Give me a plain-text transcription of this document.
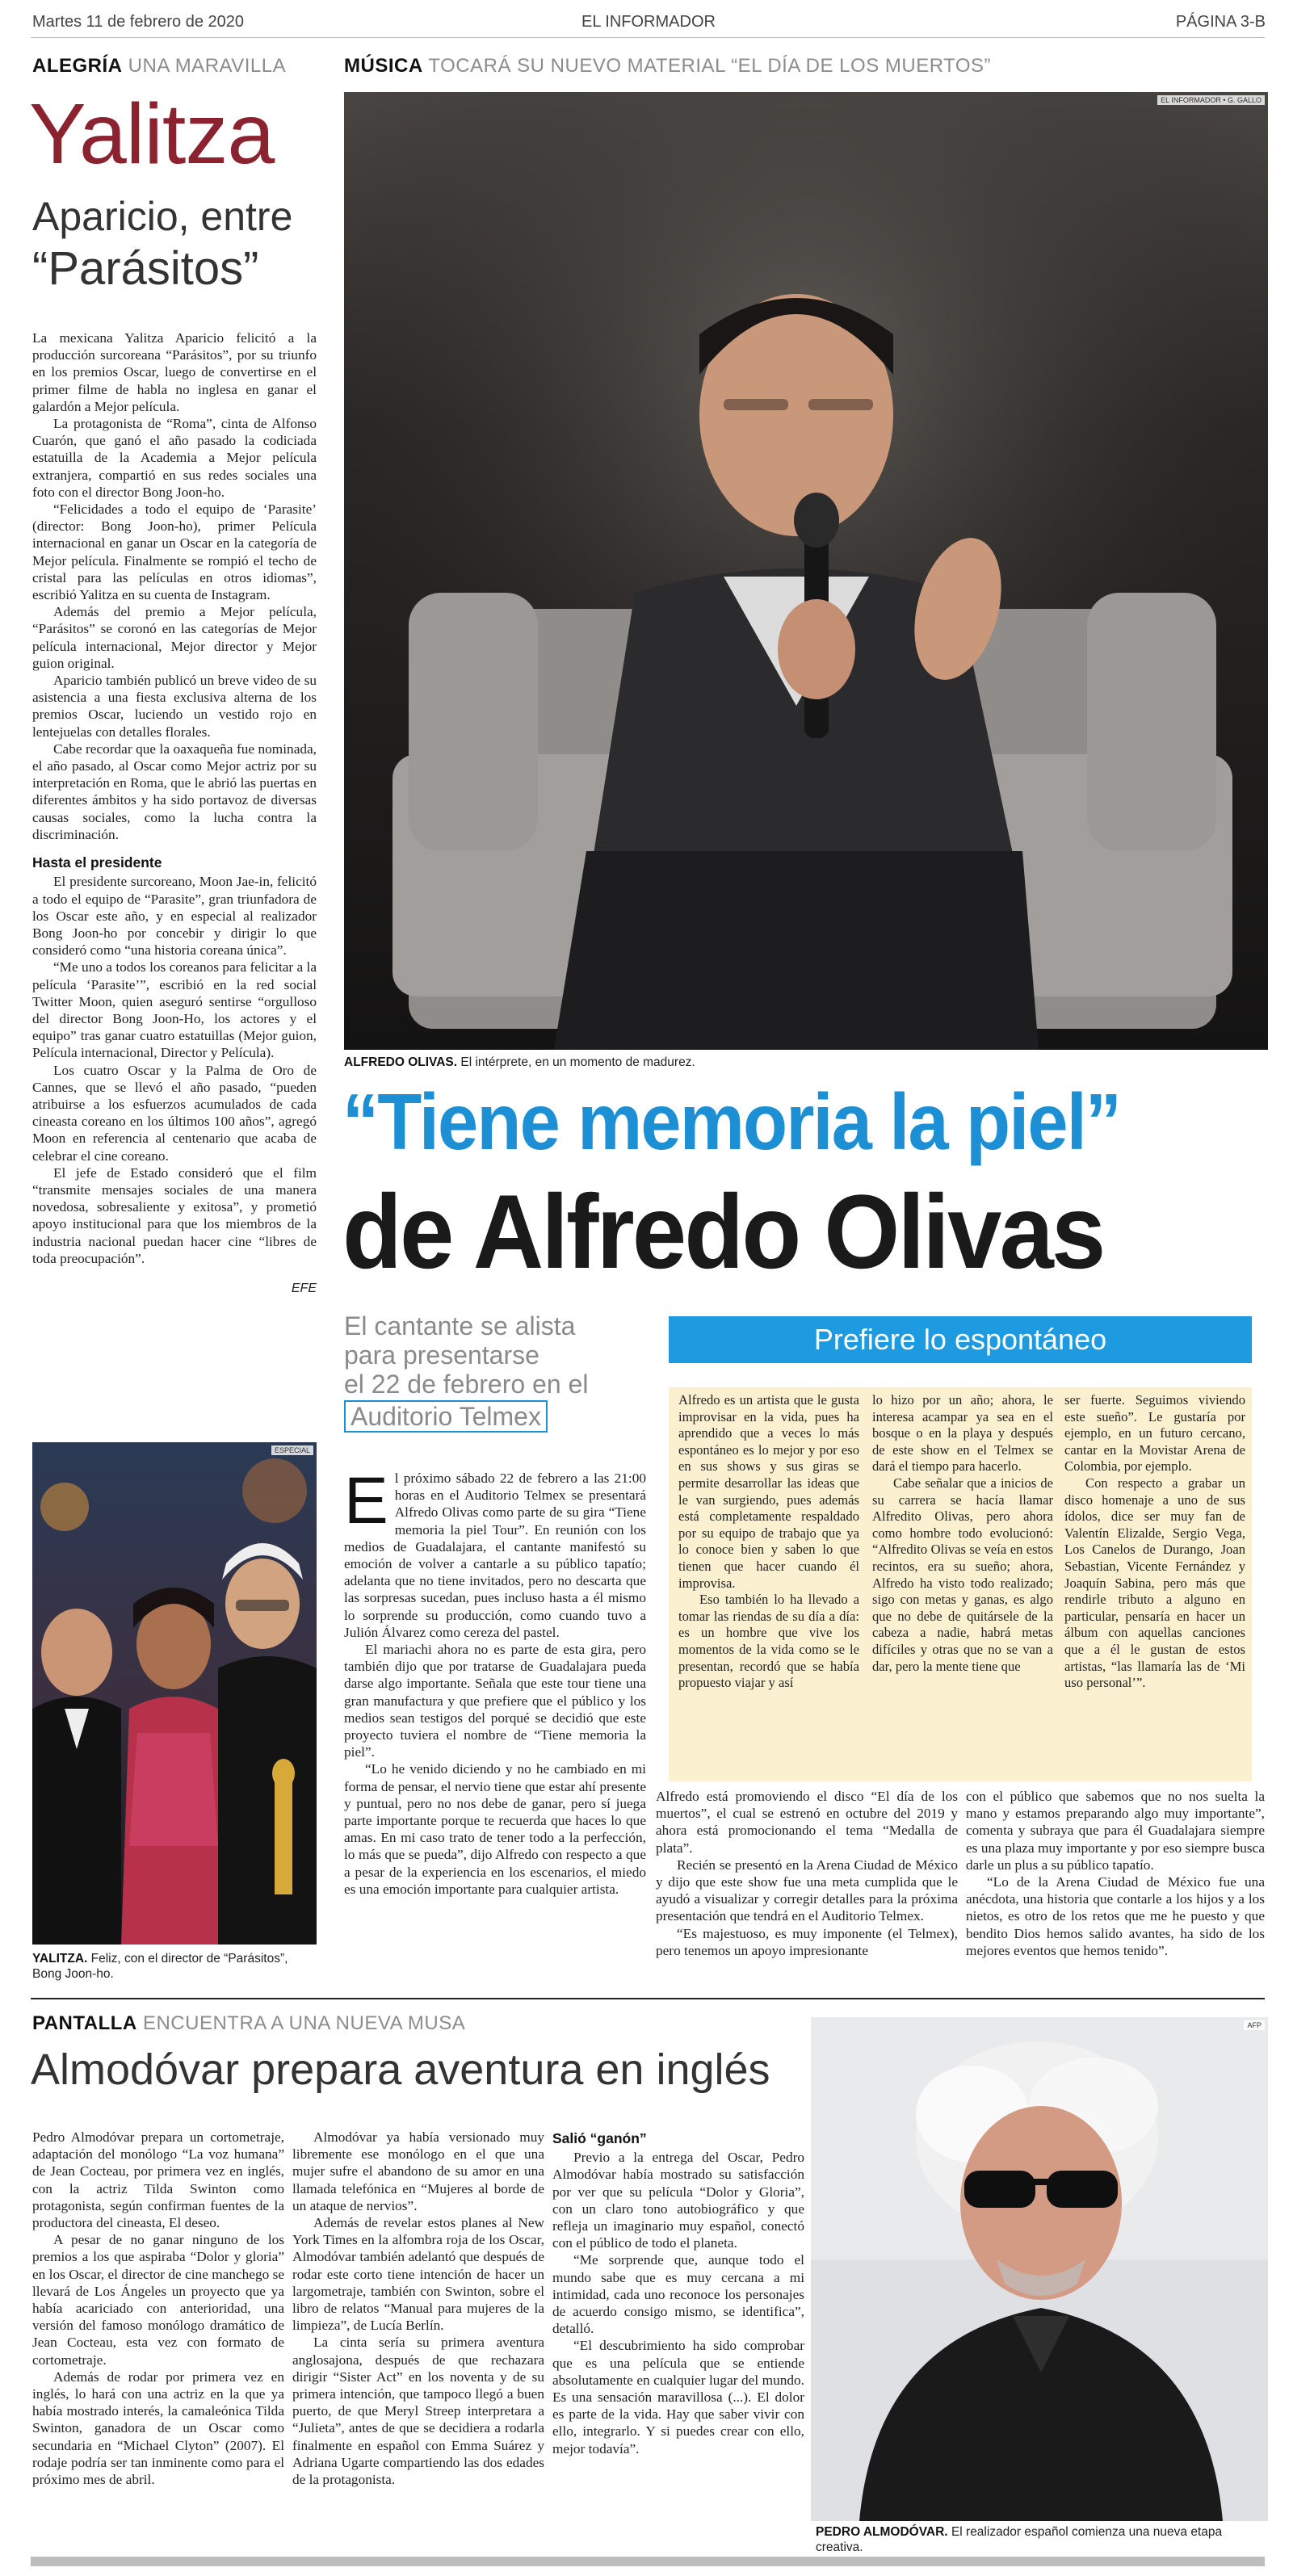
Martes 11 de febrero de 2020	EL INFORMADOR	PÁGINA 3-B
ALEGRÍA UNA MARAVILLA
Yalitza
Aparicio, entre
“Parásitos”

La mexicana Yalitza Aparicio felicitó a la producción surcoreana “Parásitos”, por su triunfo en los premios Oscar, luego de convertirse en el primer filme de habla no inglesa en ganar el galardón a Mejor película.

La protagonista de “Roma”, cinta de Alfonso Cuarón, que ganó el año pasado la codiciada estatuilla de la Academia a Mejor película extranjera, compartió en sus redes sociales una foto con el director Bong Joon-ho.

“Felicidades a todo el equipo de ‘Parasite’ (director: Bong Joon-ho), primer Película internacional en ganar un Oscar en la categoría de Mejor película. Finalmente se rompió el techo de cristal para las películas en otros idiomas”, escribió Yalitza en su cuenta de Instagram.

Además del premio a Mejor película, “Parásitos” se coronó en las categorías de Mejor película internacional, Mejor director y Mejor guion original.

Aparicio también publicó un breve video de su asistencia a una fiesta exclusiva alterna de los premios Oscar, luciendo un vestido rojo en lentejuelas con detalles florales.

Cabe recordar que la oaxaqueña fue nominada, el año pasado, al Oscar como Mejor actriz por su interpretación en Roma, que le abrió las puertas en diferentes ámbitos y ha sido portavoz de diversas causas sociales, como la lucha contra la discriminación.

Hasta el presidente

El presidente surcoreano, Moon Jae-in, felicitó a todo el equipo de “Parasite”, gran triunfadora de los Oscar este año, y en especial al realizador Bong Joon-ho por concebir y dirigir lo que consideró como “una historia coreana única”.

“Me uno a todos los coreanos para felicitar a la película ‘Parasite’”, escribió en la red social Twitter Moon, quien aseguró sentirse “orgulloso del director Bong Joon-Ho, los actores y el equipo” tras ganar cuatro estatuillas (Mejor guion, Película internacional, Director y Película).

Los cuatro Oscar y la Palma de Oro de Cannes, que se llevó el año pasado, “pueden atribuirse a los esfuerzos acumulados de cada cineasta coreano en los últimos 100 años”, agregó Moon en referencia al centenario que acaba de celebrar el cine coreano.

El jefe de Estado consideró que el film “transmite mensajes sociales de una manera novedosa, sobresaliente y exitosa”, y prometió apoyo institucional para que los miembros de la industria nacional puedan hacer cine “libres de toda preocupación”.

EFE
ESPECIAL
YALITZA. Feliz, con el director de “Parásitos”, Bong Joon-ho.
MÚSICA TOCARÁ SU NUEVO MATERIAL “EL DÍA DE LOS MUERTOS”
EL INFORMADOR • G. GALLO
ALFREDO OLIVAS. El intérprete, en un momento de madurez.
“Tiene memoria la piel”
de Alfredo Olivas
El cantante se alista
para presentarse
el 22 de febrero en el
Auditorio Telmex

El próximo sábado 22 de febrero a las 21:00 horas en el Auditorio Telmex se presentará Alfredo Olivas como parte de su gira “Tiene memoria la piel Tour”. En reunión con los medios de Guadalajara, el cantante manifestó su emoción de volver a cantarle a su público tapatío; adelanta que no tiene invitados, pero no descarta que las sorpresas sucedan, pues incluso hasta a él mismo lo sorprende su producción, como cuando tuvo a Julión Álvarez como cereza del pastel.

El mariachi ahora no es parte de esta gira, pero también dijo que por tratarse de Guadalajara pueda darse algo importante. Señala que este tour tiene una gran manufactura y que prefiere que el público y los medios sean testigos del porqué se decidió que este proyecto tuviera el nombre de “Tiene memoria la piel”.

“Lo he venido diciendo y no he cambiado en mi forma de pensar, el nervio tiene que estar ahí presente y puntual, pero no nos debe de ganar, pero sí juega parte importante porque te recuerda que haces lo que amas. En mi caso trato de tener todo a la perfección, lo más que se pueda”, dijo Alfredo con respecto a que a pesar de la experiencia en los escenarios, el miedo es una emoción importante para cualquier artista.

Prefiere lo espontáneo

Alfredo es un artista que le gusta improvisar en la vida, pues ha aprendido que a veces lo más espontáneo es lo mejor y por eso en sus shows y sus giras se permite desarrollar las ideas que le van surgiendo, pues además está completamente respaldado por su equipo de trabajo que ya lo conoce bien y saben lo que tienen que hacer cuando él improvisa.

Eso también lo ha llevado a tomar las riendas de su día a día: es un hombre que vive los momentos de la vida como se le presentan, recordó que se había propuesto viajar y así

lo hizo por un año; ahora, le interesa acampar ya sea en el bosque o en la playa y después de este show en el Telmex se dará el tiempo para hacerlo.

Cabe señalar que a inicios de su carrera se hacía llamar Alfredito Olivas, pero ahora como hombre todo evolucionó: “Alfredito Olivas se veía en estos recintos, era su sueño; ahora, Alfredo ha visto todo realizado; sigo con metas y ganas, es algo que no debe de quitársele de la cabeza a nadie, habrá metas difíciles y otras que no se van a dar, pero la mente tiene que

ser fuerte. Seguimos viviendo este sueño”. Le gustaría por ejemplo, en un futuro cercano, cantar en la Movistar Arena de Colombia, por ejemplo.

Con respecto a grabar un disco homenaje a uno de sus ídolos, dice ser muy fan de Valentín Elizalde, Sergio Vega, Los Canelos de Durango, Joan Sebastian, Vicente Fernández y Joaquín Sabina, pero más que rendirle tributo a alguno en particular, pensaría en hacer un álbum con aquellas canciones que a él le gustan de estos artistas, “las llamaría las de ‘Mi uso personal’”.

Alfredo está promoviendo el disco “El día de los muertos”, el cual se estrenó en octubre del 2019 y ahora está promocionando el tema “Medalla de plata”.

Recién se presentó en la Arena Ciudad de México y dijo que este show fue una meta cumplida que le ayudó a visualizar y corregir detalles para la próxima presentación que tendrá en el Auditorio Telmex.

“Es majestuoso, es muy imponente (el Telmex), pero tenemos un apoyo impresionante

con el público que sabemos que no nos suelta la mano y estamos preparando algo muy importante”, comenta y subraya que para él Guadalajara siempre es una plaza muy importante y por eso siempre busca darle un plus a su público tapatío.

“Lo de la Arena Ciudad de México fue una anécdota, una historia que contarle a los hijos y a los nietos, es otro de los retos que me he puesto y que bendito Dios hemos salido avantes, ha sido de los mejores eventos que hemos tenido”.

PANTALLA ENCUENTRA A UNA NUEVA MUSA
Almodóvar prepara aventura en inglés

Pedro Almodóvar prepara un cortometraje, adaptación del monólogo “La voz humana” de Jean Cocteau, por primera vez en inglés, con la actriz Tilda Swinton como protagonista, según confirman fuentes de la productora del cineasta, El deseo.

A pesar de no ganar ninguno de los premios a los que aspiraba “Dolor y gloria” en los Oscar, el director de cine manchego se llevará de Los Ángeles un proyecto que ya había acariciado con anterioridad, una versión del famoso monólogo dramático de Jean Cocteau, esta vez con formato de cortometraje.

Además de rodar por primera vez en inglés, lo hará con una actriz en la que ya había mostrado interés, la camaleónica Tilda Swinton, ganadora de un Oscar como secundaria en “Michael Clyton” (2007). El rodaje podría ser tan inminente como para el próximo mes de abril.

Almodóvar ya había versionado muy libremente ese monólogo en el que una mujer sufre el abandono de su amor en una llamada telefónica en “Mujeres al borde de un ataque de nervios”.

Además de revelar estos planes al New York Times en la alfombra roja de los Oscar, Almodóvar también adelantó que después de rodar este corto tiene intención de hacer un largometraje, también con Swinton, sobre el libro de relatos “Manual para mujeres de la limpieza”, de Lucía Berlín.

La cinta sería su primera aventura anglosajona, después de que rechazara dirigir “Sister Act” en los noventa y de su primera intención, que tampoco llegó a buen puerto, de que Meryl Streep interpretara a “Julieta”, antes de que se decidiera a rodarla finalmente en español con Emma Suárez y Adriana Ugarte compartiendo las dos edades de la protagonista.

Salió “ganón”

Previo a la entrega del Oscar, Pedro Almodóvar había mostrado su satisfacción por ver que su película “Dolor y Gloria”, con un claro tono autobiográfico y que refleja un imaginario muy español, conectó con el público de todo el planeta.

“Me sorprende que, aunque todo el mundo sabe que es muy cercana a mi intimidad, cada uno reconoce los personajes de acuerdo consigo mismo, se identifica”, detalló.

“El descubrimiento ha sido comprobar que es una película que se entiende absolutamente en cualquier lugar del mundo. Es una sensación maravillosa (...). El dolor es parte de la vida. Hay que saber vivir con ello, integrarlo. Y si puedes crear con ello, mejor todavía”.

AFP
PEDRO ALMODÓVAR. El realizador español comienza una nueva etapa creativa.
